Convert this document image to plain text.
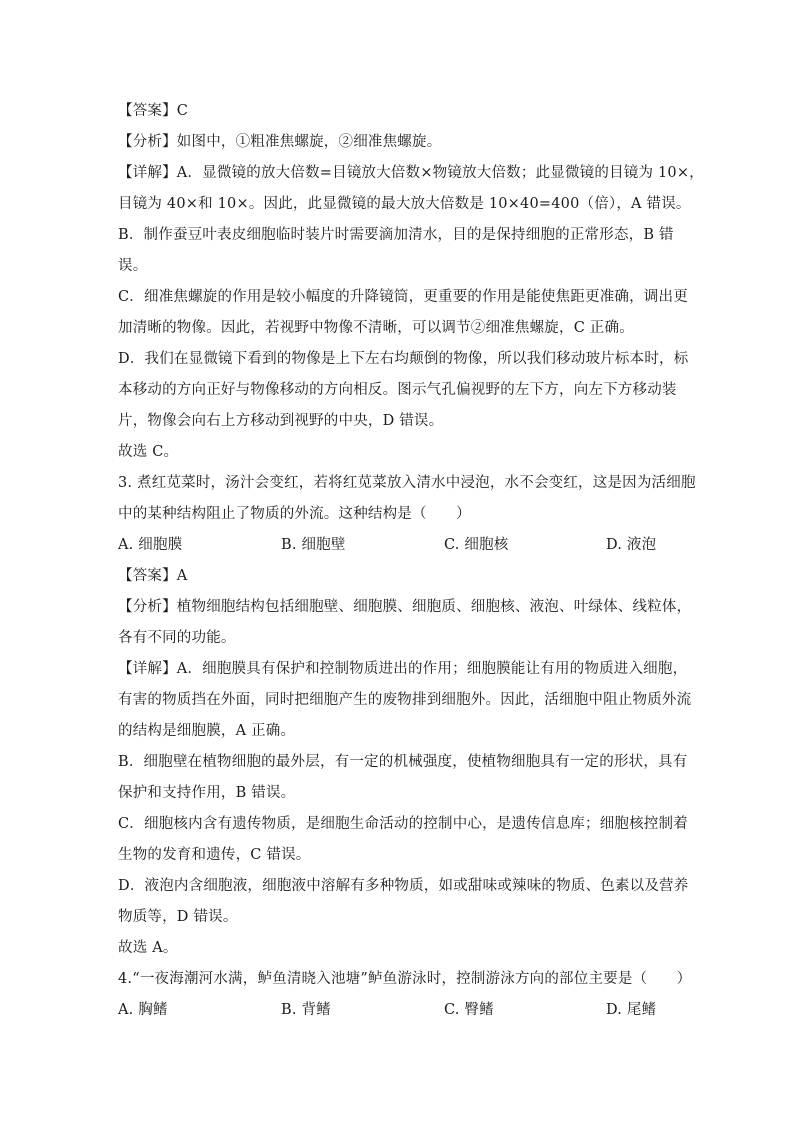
【答案】C
【分析】如图中，①粗准焦螺旋，②细准焦螺旋。
【详解】A．显微镜的放大倍数=目镜放大倍数×物镜放大倍数；此显微镜的目镜为 10×，
目镜为 40×和 10×。因此，此显微镜的最大放大倍数是 10×40=400（倍），A 错误。
B．制作蚕豆叶表皮细胞临时装片时需要滴加清水，目的是保持细胞的正常形态，B 错
误。
C．细准焦螺旋的作用是较小幅度的升降镜筒，更重要的作用是能使焦距更准确，调出更
加清晰的物像。因此，若视野中物像不清晰，可以调节②细准焦螺旋，C 正确。
D．我们在显微镜下看到的物像是上下左右均颠倒的物像，所以我们移动玻片标本时，标
本移动的方向正好与物像移动的方向相反。图示气孔偏视野的左下方，向左下方移动装
片，物像会向右上方移动到视野的中央，D 错误。
故选 C。
3. 煮红苋菜时，汤汁会变红，若将红苋菜放入清水中浸泡，水不会变红，这是因为活细胞
中的某种结构阻止了物质的外流。这种结构是（　　）
A. 细胞膜	B. 细胞壁	C. 细胞核	D. 液泡
【答案】A
【分析】植物细胞结构包括细胞壁、细胞膜、细胞质、细胞核、液泡、叶绿体、线粒体，
各有不同的功能。
【详解】A．细胞膜具有保护和控制物质进出的作用；细胞膜能让有用的物质进入细胞，
有害的物质挡在外面，同时把细胞产生的废物排到细胞外。因此，活细胞中阻止物质外流
的结构是细胞膜，A 正确。
B．细胞壁在植物细胞的最外层，有一定的机械强度，使植物细胞具有一定的形状，具有
保护和支持作用，B 错误。
C．细胞核内含有遗传物质，是细胞生命活动的控制中心，是遗传信息库；细胞核控制着
生物的发育和遗传，C 错误。
D．液泡内含细胞液，细胞液中溶解有多种物质，如或甜味或辣味的物质、色素以及营养
物质等，D 错误。
故选 A。
4.“一夜海潮河水满，鲈鱼清晓入池塘”鲈鱼游泳时，控制游泳方向的部位主要是（　　）
A. 胸鳍	B. 背鳍	C. 臀鳍	D. 尾鳍
